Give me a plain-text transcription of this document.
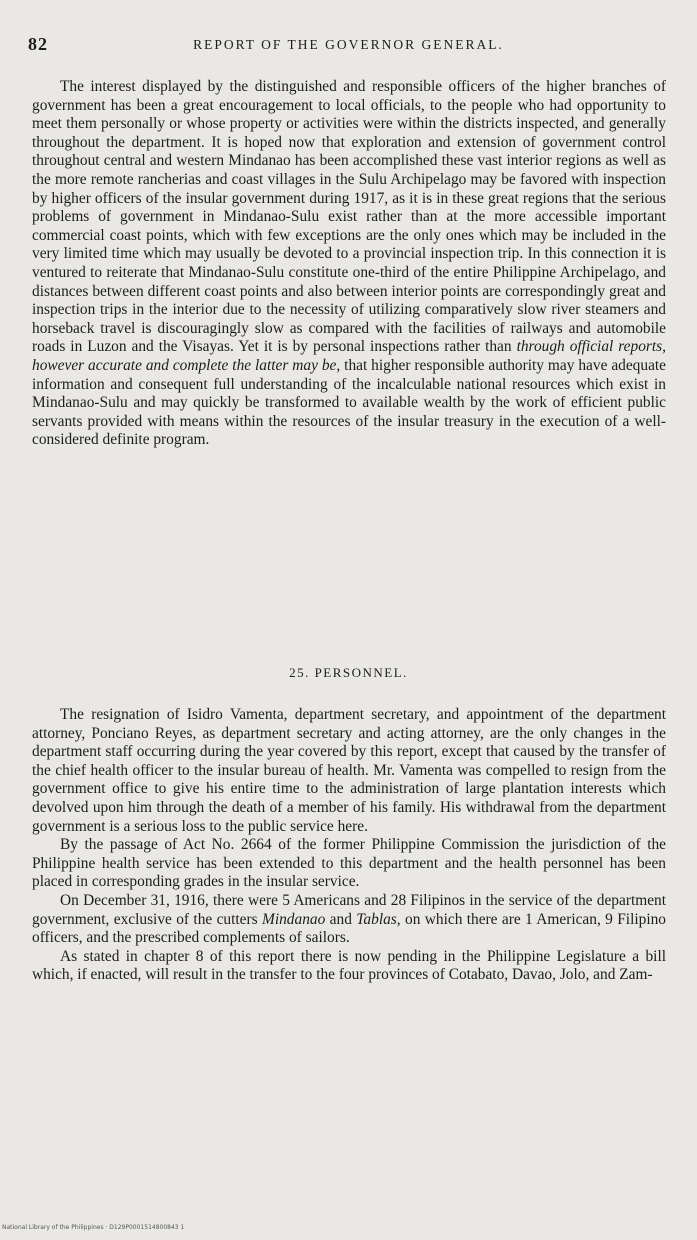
82	REPORT OF THE GOVERNOR GENERAL.

The interest displayed by the distinguished and responsible officers of the higher branches of government has been a great encouragement to local officials, to the people who had opportunity to meet them personally or whose property or activities were within the districts inspected, and generally throughout the department. It is hoped now that exploration and extension of government control throughout central and western Mindanao has been accomplished these vast interior regions as well as the more remote rancherias and coast villages in the Sulu Archipelago may be favored with inspection by higher officers of the insular government during 1917, as it is in these great regions that the serious problems of government in Mindanao-Sulu exist rather than at the more accessible important commercial coast points, which with few exceptions are the only ones which may be included in the very limited time which may usually be devoted to a provincial inspection trip. In this connection it is ventured to reiterate that Mindanao-Sulu constitute one-third of the entire Philippine Archipelago, and distances between different coast points and also between interior points are correspondingly great and inspection trips in the interior due to the necessity of utilizing comparatively slow river steamers and horseback travel is discouragingly slow as compared with the facilities of railways and automobile roads in Luzon and the Visayas. Yet it is by personal inspections rather than through official reports, however accurate and complete the latter may be, that higher responsible authority may have adequate information and consequent full understanding of the incalculable national resources which exist in Mindanao-Sulu and may quickly be transformed to available wealth by the work of efficient public servants provided with means within the resources of the insular treasury in the execution of a well-considered definite program.

25. PERSONNEL.

The resignation of Isidro Vamenta, department secretary, and appointment of the department attorney, Ponciano Reyes, as department secretary and acting attorney, are the only changes in the department staff occurring during the year covered by this report, except that caused by the transfer of the chief health officer to the insular bureau of health. Mr. Vamenta was compelled to resign from the government office to give his entire time to the administration of large plantation interests which devolved upon him through the death of a member of his family. His withdrawal from the department government is a serious loss to the public service here.

By the passage of Act No. 2664 of the former Philippine Commission the jurisdiction of the Philippine health service has been extended to this department and the health personnel has been placed in corresponding grades in the insular service.

On December 31, 1916, there were 5 Americans and 28 Filipinos in the service of the department government, exclusive of the cutters Mindanao and Tablas, on which there are 1 American, 9 Filipino officers, and the prescribed complements of sailors.

As stated in chapter 8 of this report there is now pending in the Philippine Legislature a bill which, if enacted, will result in the transfer to the four provinces of Cotabato, Davao, Jolo, and Zam-

National Library of the Philippines · D129P0001514800843 1
